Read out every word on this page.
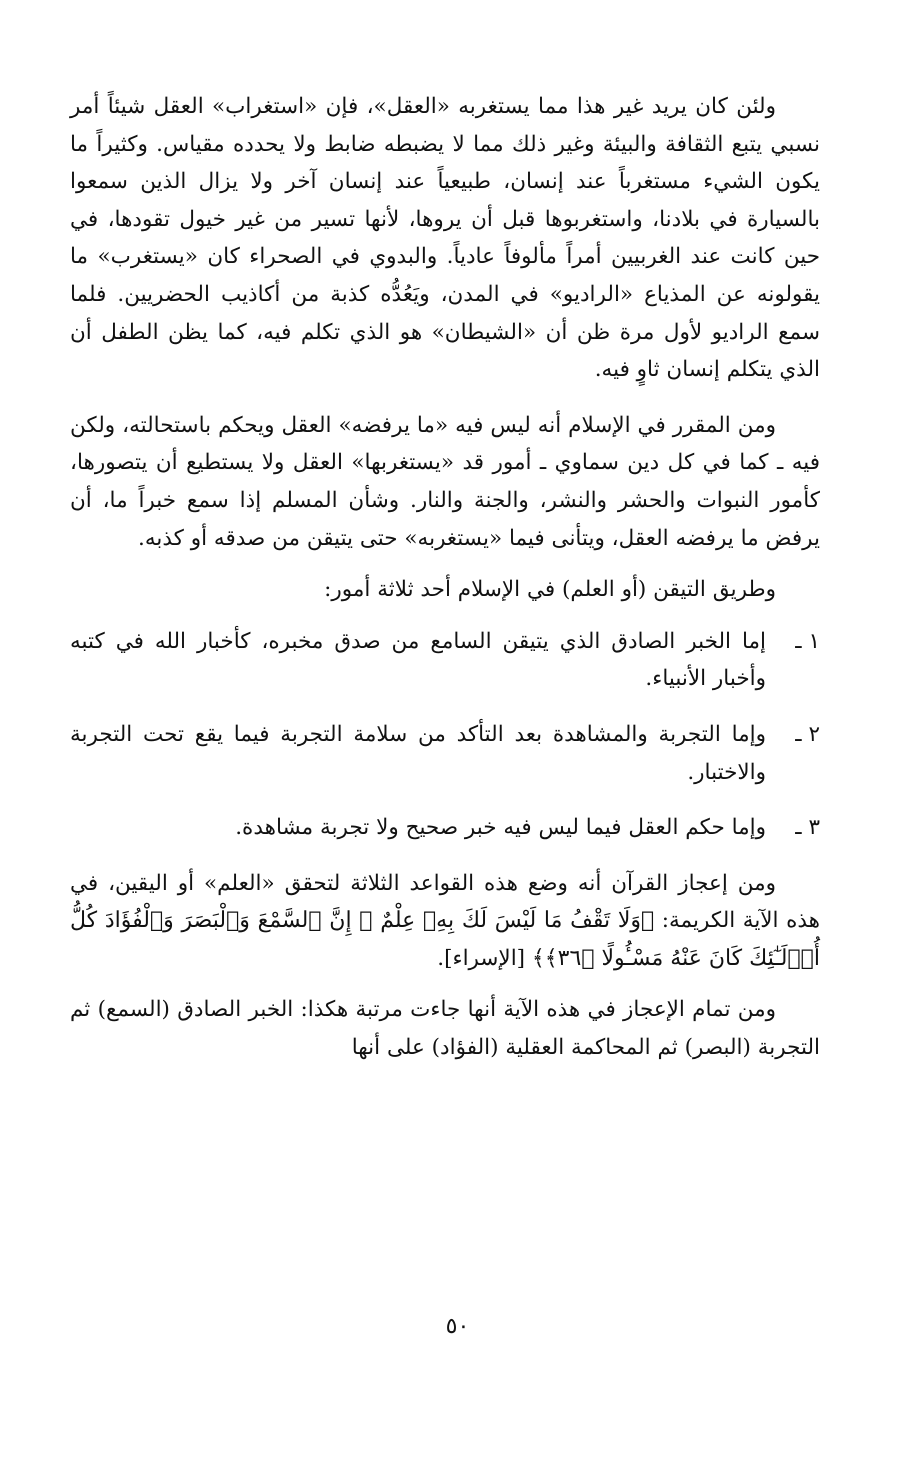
ولئن كان يريد غير هذا مما يستغربه «العقل»، فإن «استغراب» العقل شيئاً أمر نسبي يتبع الثقافة والبيئة وغير ذلك مما لا يضبطه ضابط ولا يحدده مقياس. وكثيراً ما يكون الشيء مستغرباً عند إنسان، طبيعياً عند إنسان آخر ولا يزال الذين سمعوا بالسيارة في بلادنا، واستغربوها قبل أن يروها، لأنها تسير من غير خيول تقودها، في حين كانت عند الغربيين أمراً مألوفاً عادياً. والبدوي في الصحراء كان «يستغرب» ما يقولونه عن المذياع «الراديو» في المدن، ويَعُدُّه كذبة من أكاذيب الحضريين. فلما سمع الراديو لأول مرة ظن أن «الشيطان» هو الذي تكلم فيه، كما يظن الطفل أن الذي يتكلم إنسان ثاوٍ فيه.

ومن المقرر في الإسلام أنه ليس فيه «ما يرفضه» العقل ويحكم باستحالته، ولكن فيه ـ كما في كل دين سماوي ـ أمور قد «يستغربها» العقل ولا يستطيع أن يتصورها، كأمور النبوات والحشر والنشر، والجنة والنار. وشأن المسلم إذا سمع خبراً ما، أن يرفض ما يرفضه العقل، ويتأنى فيما «يستغربه» حتى يتيقن من صدقه أو كذبه.

وطريق التيقن (أو العلم) في الإسلام أحد ثلاثة أمور:

١ ـ
إما الخبر الصادق الذي يتيقن السامع من صدق مخبره، كأخبار الله في كتبه وأخبار الأنبياء.
٢ ـ
وإما التجربة والمشاهدة بعد التأكد من سلامة التجربة فيما يقع تحت التجربة والاختبار.
٣ ـ
وإما حكم العقل فيما ليس فيه خبر صحيح ولا تجربة مشاهدة.

ومن إعجاز القرآن أنه وضع هذه القواعد الثلاثة لتحقق «العلم» أو اليقين، في هذه الآية الكريمة: ﴿وَلَا تَقْفُ مَا لَيْسَ لَكَ بِهِۦ عِلْمٌ ۚ إِنَّ ٱلسَّمْعَ وَٱلْبَصَرَ وَٱلْفُؤَادَ كُلُّ أُو۟لَـٰٓئِكَ كَانَ عَنْهُ مَسْـُٔولًا ﴿٣٦﴾﴾ [الإسراء].

ومن تمام الإعجاز في هذه الآية أنها جاءت مرتبة هكذا: الخبر الصادق (السمع) ثم التجربة (البصر) ثم المحاكمة العقلية (الفؤاد) على أنها

٥٠
